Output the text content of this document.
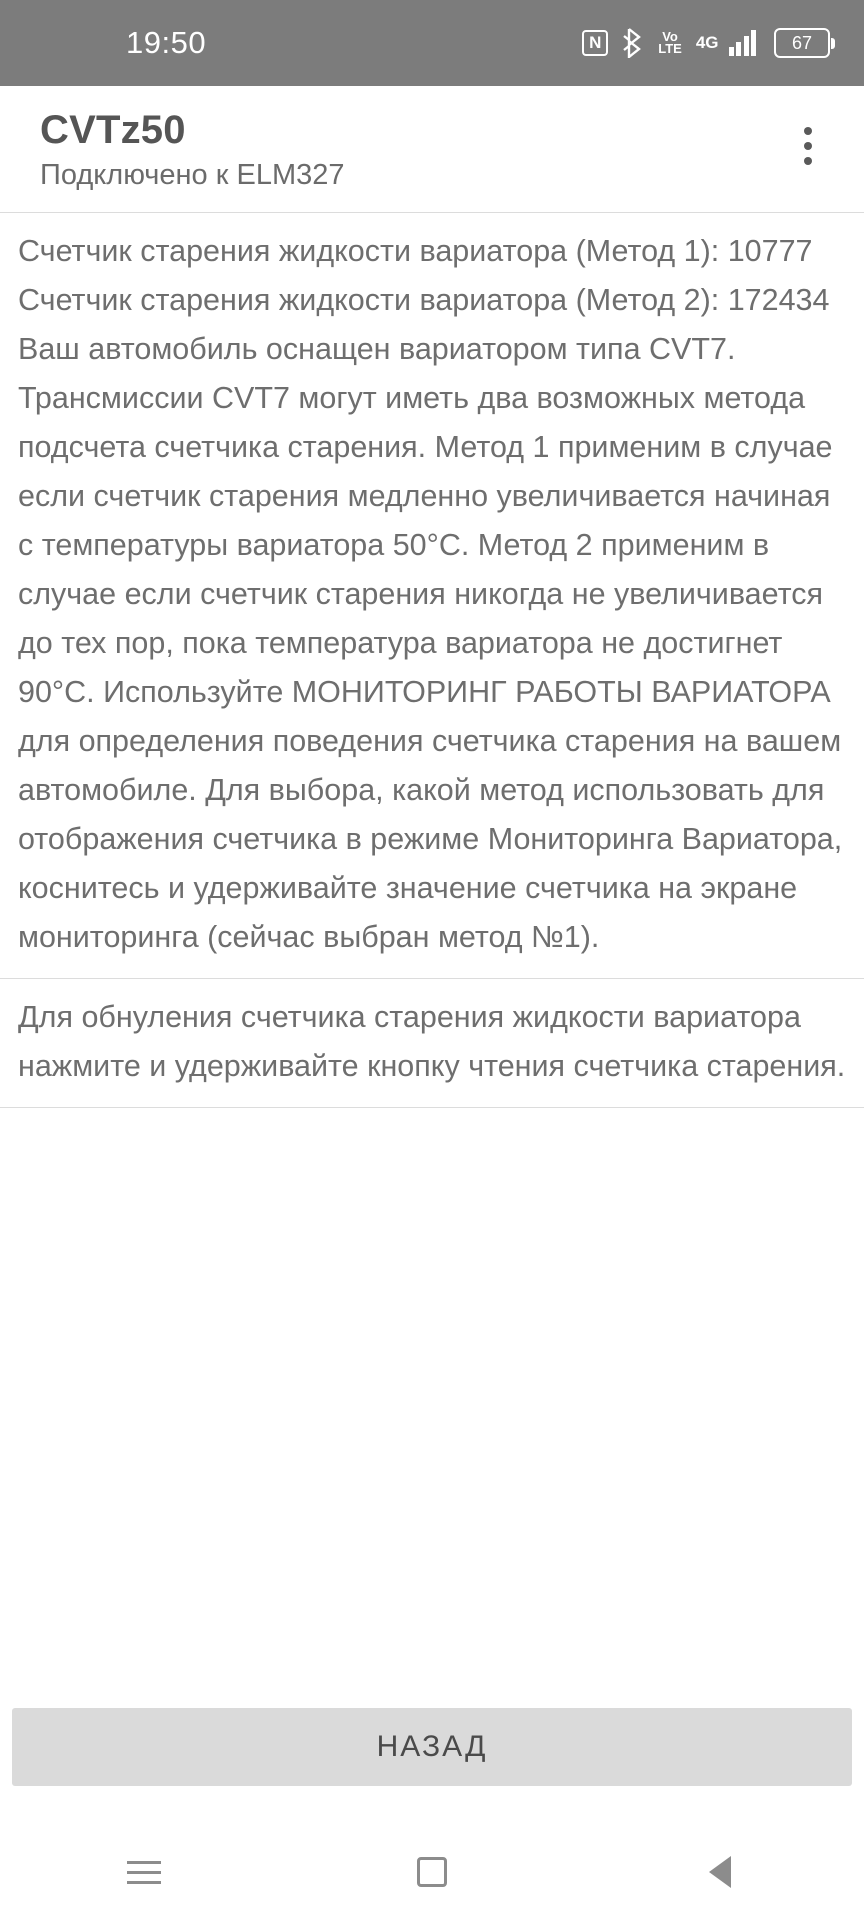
19:50	N	Vo
LTE 4G	67
CVTz50
Подключено к ELM327
Счетчик старения жидкости вариатора (Метод 1): 10777
Счетчик старения жидкости вариатора (Метод 2): 172434
Ваш автомобиль оснащен вариатором типа CVT7. Трансмиссии CVT7 могут иметь два возможных метода подсчета счетчика старения. Метод 1 применим в случае если счетчик старения медленно увеличивается начиная с температуры вариатора 50°C. Метод 2 применим в случае если счетчик старения никогда не увеличивается до тех пор, пока температура вариатора не достигнет 90°C. Используйте МОНИТОРИНГ РАБОТЫ ВАРИАТОРА для определения поведения счетчика старения на вашем автомобиле. Для выбора, какой метод использовать для отображения счетчика в режиме Мониторинга Вариатора, коснитесь и удерживайте значение счетчика на экране мониторинга (сейчас выбран метод №1).
Для обнуления счетчика старения жидкости вариатора нажмите и удерживайте кнопку чтения счетчика старения.
НАЗАД
